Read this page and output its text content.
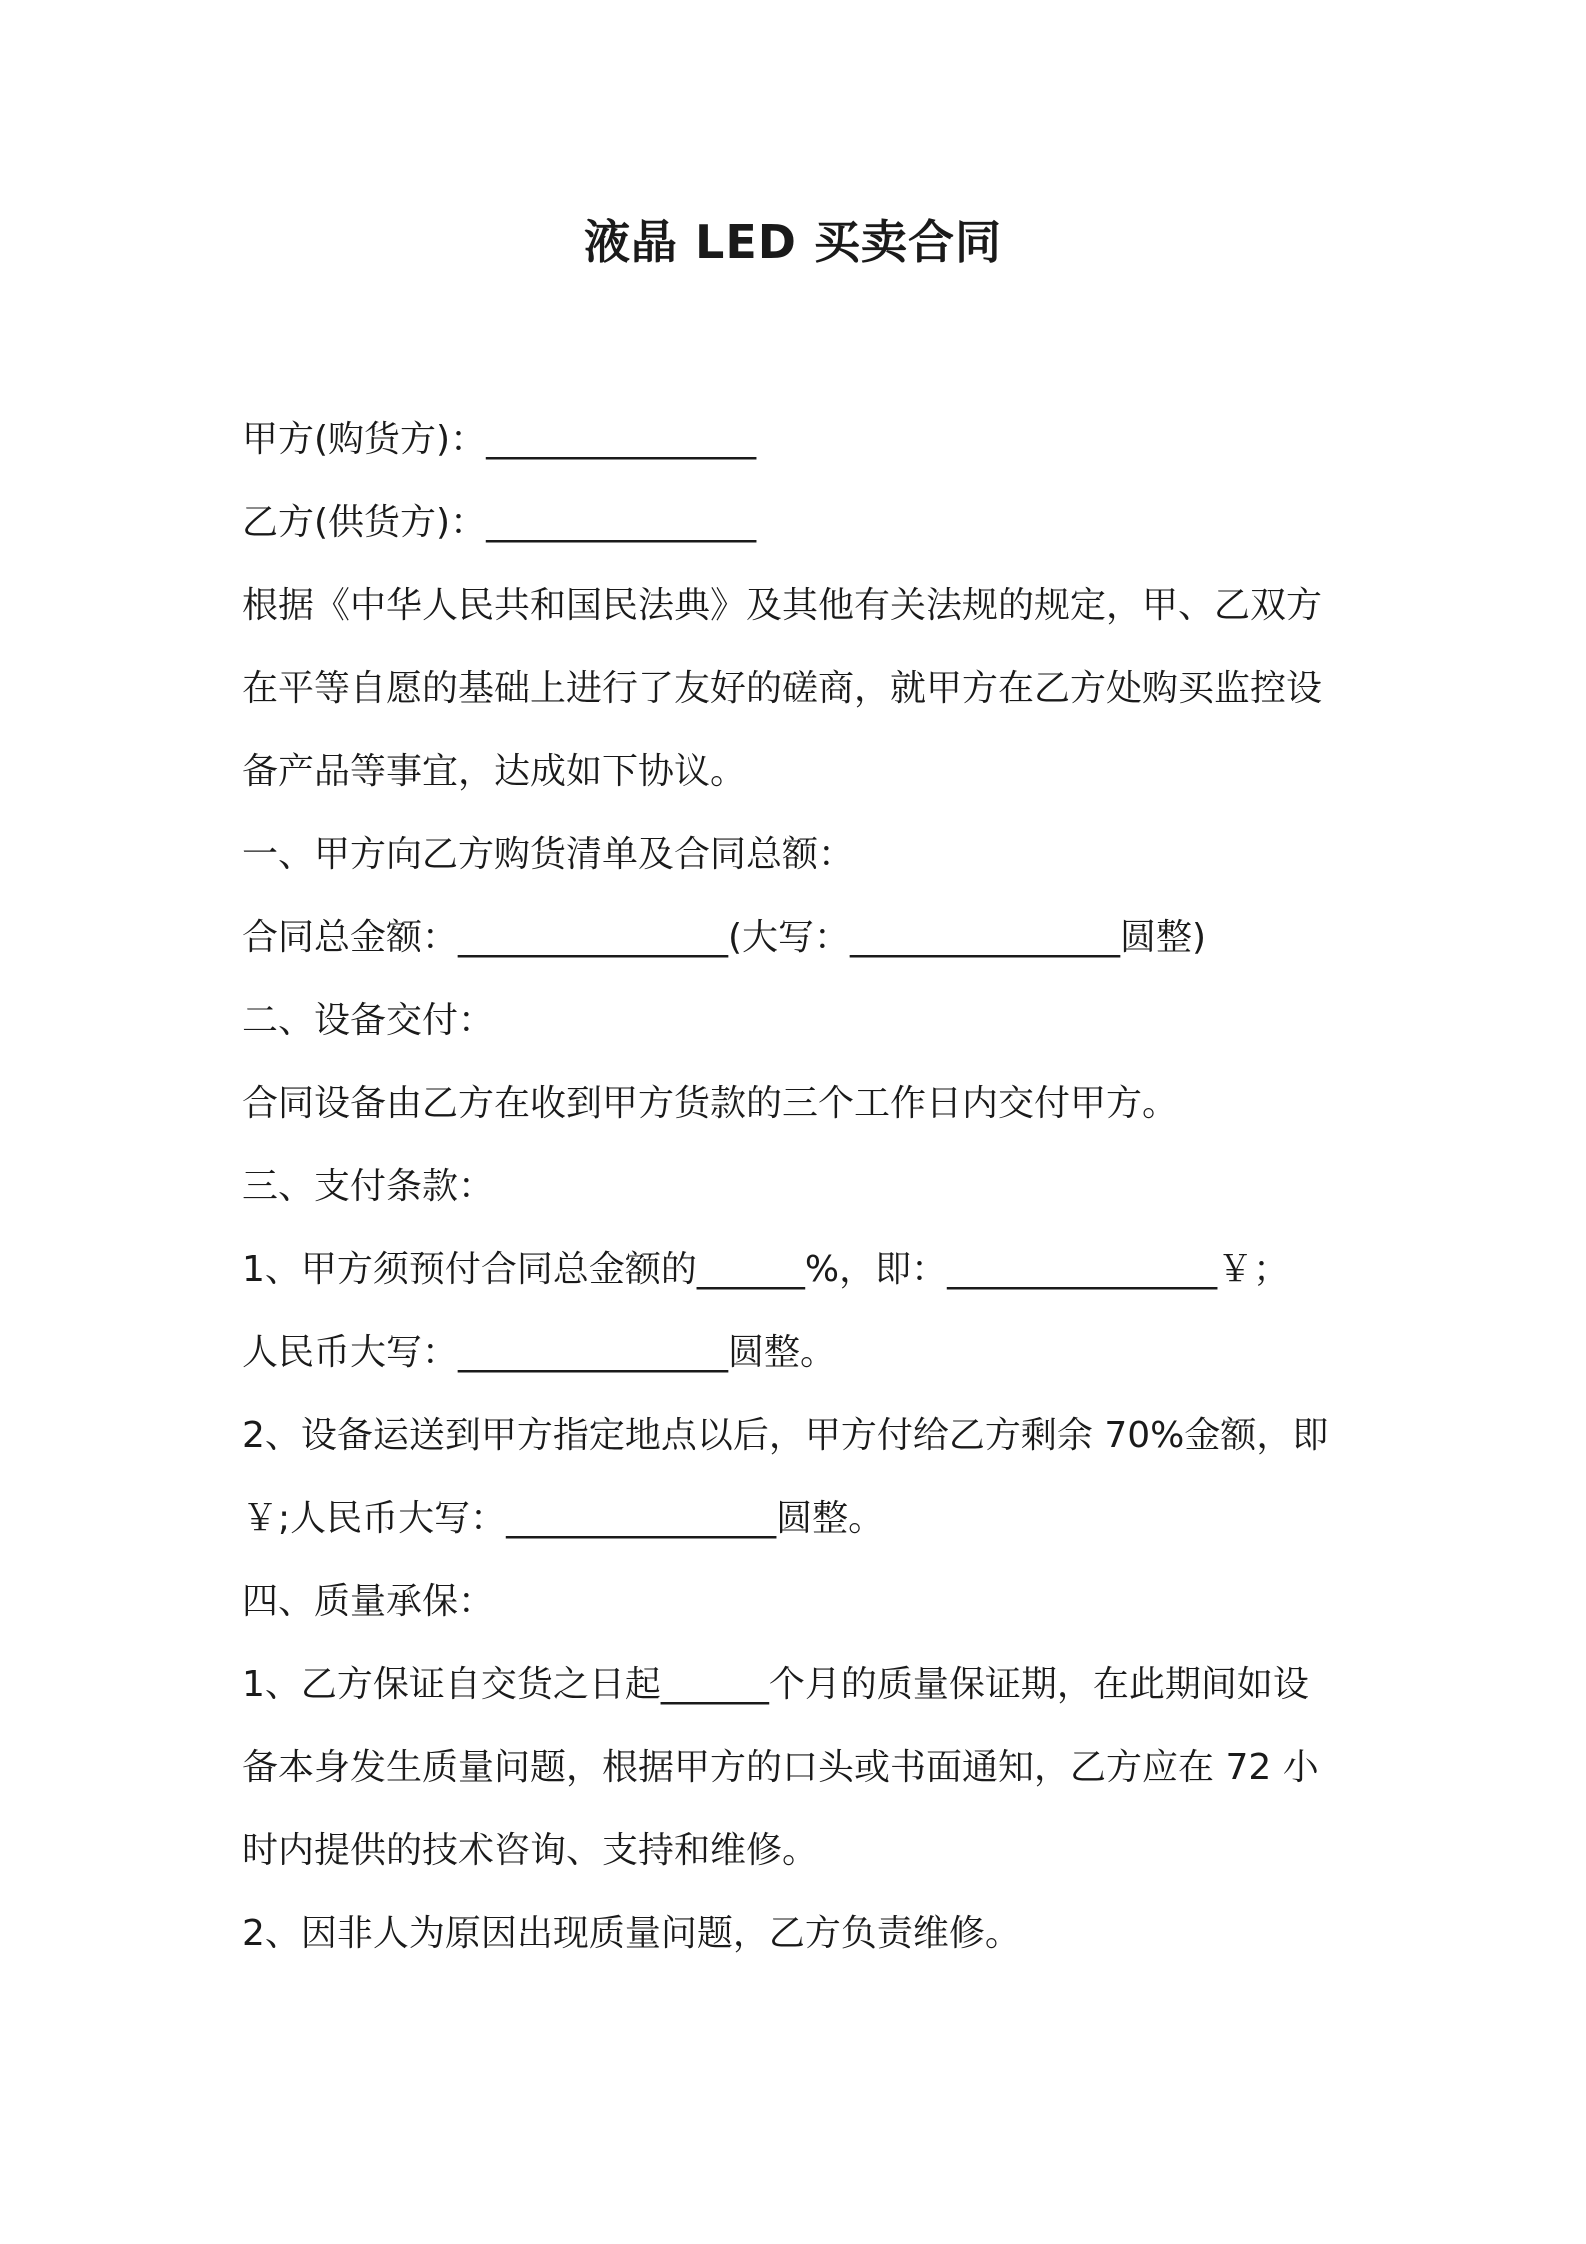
液晶 LED 买卖合同
甲方(购货方)：_______________
乙方(供货方)：_______________
根据《中华人民共和国民法典》及其他有关法规的规定，甲、乙双方
在平等自愿的基础上进行了友好的磋商，就甲方在乙方处购买监控设
备产品等事宜，达成如下协议。
一、甲方向乙方购货清单及合同总额：
合同总金额：_______________(大写：_______________圆整)
二、设备交付：
合同设备由乙方在收到甲方货款的三个工作日内交付甲方。
三、支付条款：
1、甲方须预付合同总金额的______%，即：_______________￥；
人民币大写：_______________圆整。
2、设备运送到甲方指定地点以后，甲方付给乙方剩余 70%金额，即
￥;人民币大写：_______________圆整。
四、质量承保：
1、乙方保证自交货之日起______个月的质量保证期，在此期间如设
备本身发生质量问题，根据甲方的口头或书面通知，乙方应在 72 小
时内提供的技术咨询、支持和维修。
2、因非人为原因出现质量问题，乙方负责维修。
